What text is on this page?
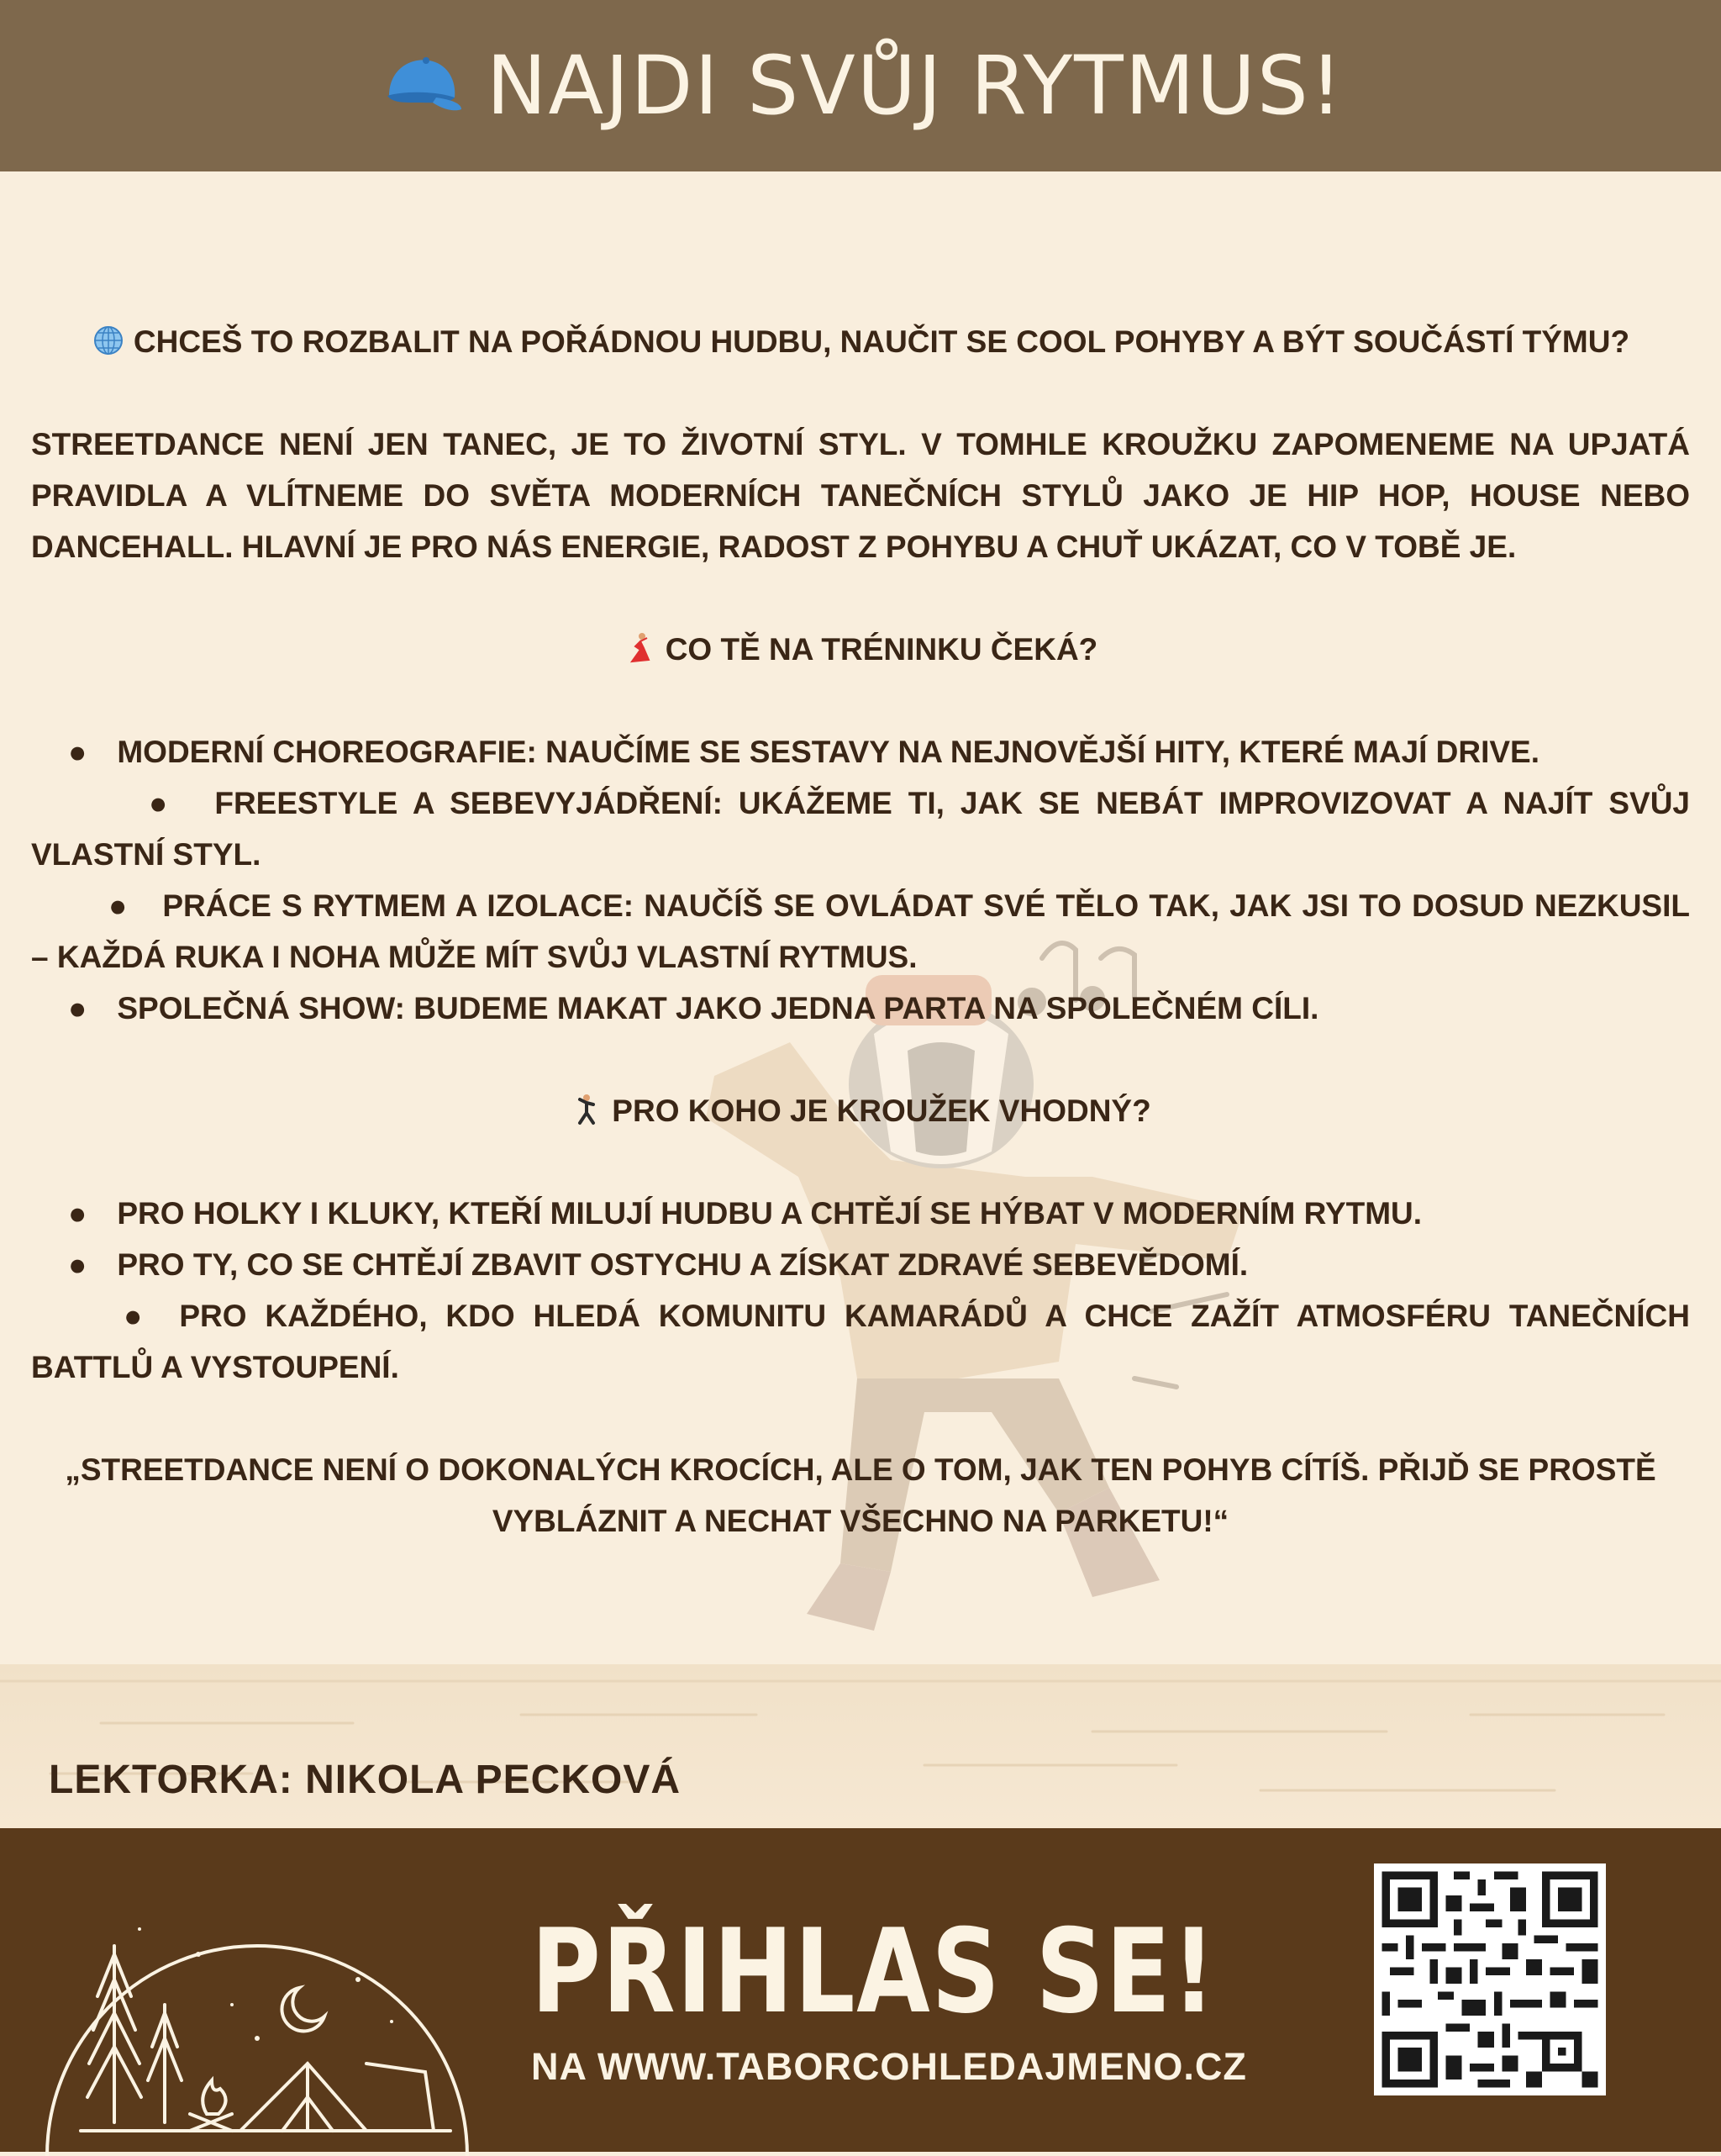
NAJDI SVŮJ RYTMUS!

CHCEŠ TO ROZBALIT NA POŘÁDNOU HUDBU, NAUČIT SE COOL POHYBY A BÝT SOUČÁSTÍ TÝMU?

STREETDANCE NENÍ JEN TANEC, JE TO ŽIVOTNÍ STYL. V TOMHLE KROUŽKU ZAPOMENEME NA UPJATÁ PRAVIDLA A VLÍTNEME DO SVĚTA MODERNÍCH TANEČNÍCH STYLŮ JAKO JE HIP HOP, HOUSE NEBO DANCEHALL. HLAVNÍ JE PRO NÁS ENERGIE, RADOST Z POHYBU A CHUŤ UKÁZAT, CO V TOBĚ JE.

CO TĚ NA TRÉNINKU ČEKÁ?

● MODERNÍ CHOREOGRAFIE: NAUČÍME SE SESTAVY NA NEJNOVĚJŠÍ HITY, KTERÉ MAJÍ DRIVE.
● FREESTYLE A SEBEVYJÁDŘENÍ: UKÁŽEME TI, JAK SE NEBÁT IMPROVIZOVAT A NAJÍT SVŮJ VLASTNÍ STYL.
● PRÁCE S RYTMEM A IZOLACE: NAUČÍŠ SE OVLÁDAT SVÉ TĚLO TAK, JAK JSI TO DOSUD NEZKUSIL – KAŽDÁ RUKA I NOHA MŮŽE MÍT SVŮJ VLASTNÍ RYTMUS.
● SPOLEČNÁ SHOW: BUDEME MAKAT JAKO JEDNA PARTA NA SPOLEČNÉM CÍLI.

PRO KOHO JE KROUŽEK VHODNÝ?

● PRO HOLKY I KLUKY, KTEŘÍ MILUJÍ HUDBU A CHTĚJÍ SE HÝBAT V MODERNÍM RYTMU.
● PRO TY, CO SE CHTĚJÍ ZBAVIT OSTYCHU A ZÍSKAT ZDRAVÉ SEBEVĚDOMÍ.
● PRO KAŽDÉHO, KDO HLEDÁ KOMUNITU KAMARÁDŮ A CHCE ZAŽÍT ATMOSFÉRU TANEČNÍCH BATTLŮ A VYSTOUPENÍ.

„STREETDANCE NENÍ O DOKONALÝCH KROCÍCH, ALE O TOM, JAK TEN POHYB CÍTÍŠ. PŘIJĎ SE PROSTĚ VYBLÁZNIT A NECHAT VŠECHNO NA PARKETU!“

LEKTORKA: NIKOLA PECKOVÁ
PŘIHLAS SE!
NA WWW.TABORCOHLEDAJMENO.CZ
